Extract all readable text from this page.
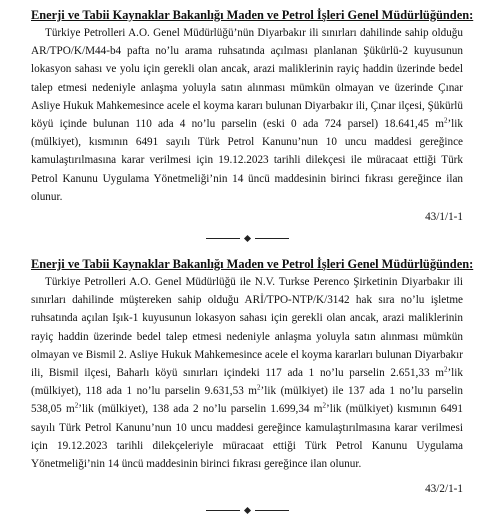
Enerji ve Tabii Kaynaklar Bakanlığı Maden ve Petrol İşleri Genel Müdürlüğünden:

Türkiye Petrolleri A.O. Genel Müdürlüğü’nün Diyarbakır ili sınırları dahilinde sahip olduğu AR/TPO/K/M44-b4 pafta no’lu arama ruhsatında açılması planlanan Şükürlü-2 kuyusunun lokasyon sahası ve yolu için gerekli olan ancak, arazi maliklerinin rayiç haddin üzerinde bedel talep etmesi nedeniyle anlaşma yoluyla satın alınması mümkün olmayan ve üzerinde Çınar Asliye Hukuk Mahkemesince acele el koyma kararı bulunan Diyarbakır ili, Çınar ilçesi, Şükürlü köyü içinde bulunan 110 ada 4 no’lu parselin (eski 0 ada 724 parsel) 18.641,45 $m^2’lik$ (mülkiyet), kısmının 6491 sayılı Türk Petrol Kanunu’nun 10 uncu maddesi gereğince kamulaştırılmasına karar verilmesi için 19.12.2023 tarihli dilekçesi ile müracaat ettiği Türk Petrol Kanunu Uygulama Yönetmeliği’nin 14 üncü maddesinin birinci fıkrası gereğince ilan olunur.

43/1/1-1

Enerji ve Tabii Kaynaklar Bakanlığı Maden ve Petrol İşleri Genel Müdürlüğünden:

Türkiye Petrolleri A.O. Genel Müdürlüğü ile N.V. Turkse Perenco Şirketinin Diyarbakır ili sınırları dahilinde müştereken sahip olduğu ARİ/TPO-NTP/K/3142 hak sıra no’lu işletme ruhsatında açılan Işık-1 kuyusunun lokasyon sahası için gerekli olan ancak, arazi maliklerinin rayiç haddin üzerinde bedel talep etmesi nedeniyle anlaşma yoluyla satın alınması mümkün olmayan ve Bismil 2. Asliye Hukuk Mahkemesince acele el koyma kararları bulunan Diyarbakır ili, Bismil ilçesi, Baharlı köyü sınırları içindeki 117 ada 1 no’lu parselin 2.651,33 $m^2’lik$ (mülkiyet), 118 ada 1 no’lu parselin 9.631,53 $m^2’lik$ (mülkiyet) ile 137 ada 1 no’lu parselin 538,05 $m^2’lik$ (mülkiyet), 138 ada 2 no’lu parselin 1.699,34 $m^2’lik$ (mülkiyet) kısmının 6491 sayılı Türk Petrol Kanunu’nun 10 uncu maddesi gereğince kamulaştırılmasına karar verilmesi için 19.12.2023 tarihli dilekçeleriyle müracaat ettiği Türk Petrol Kanunu Uygulama Yönetmeliği’nin 14 üncü maddesinin birinci fıkrası gereğince ilan olunur.

43/2/1-1
